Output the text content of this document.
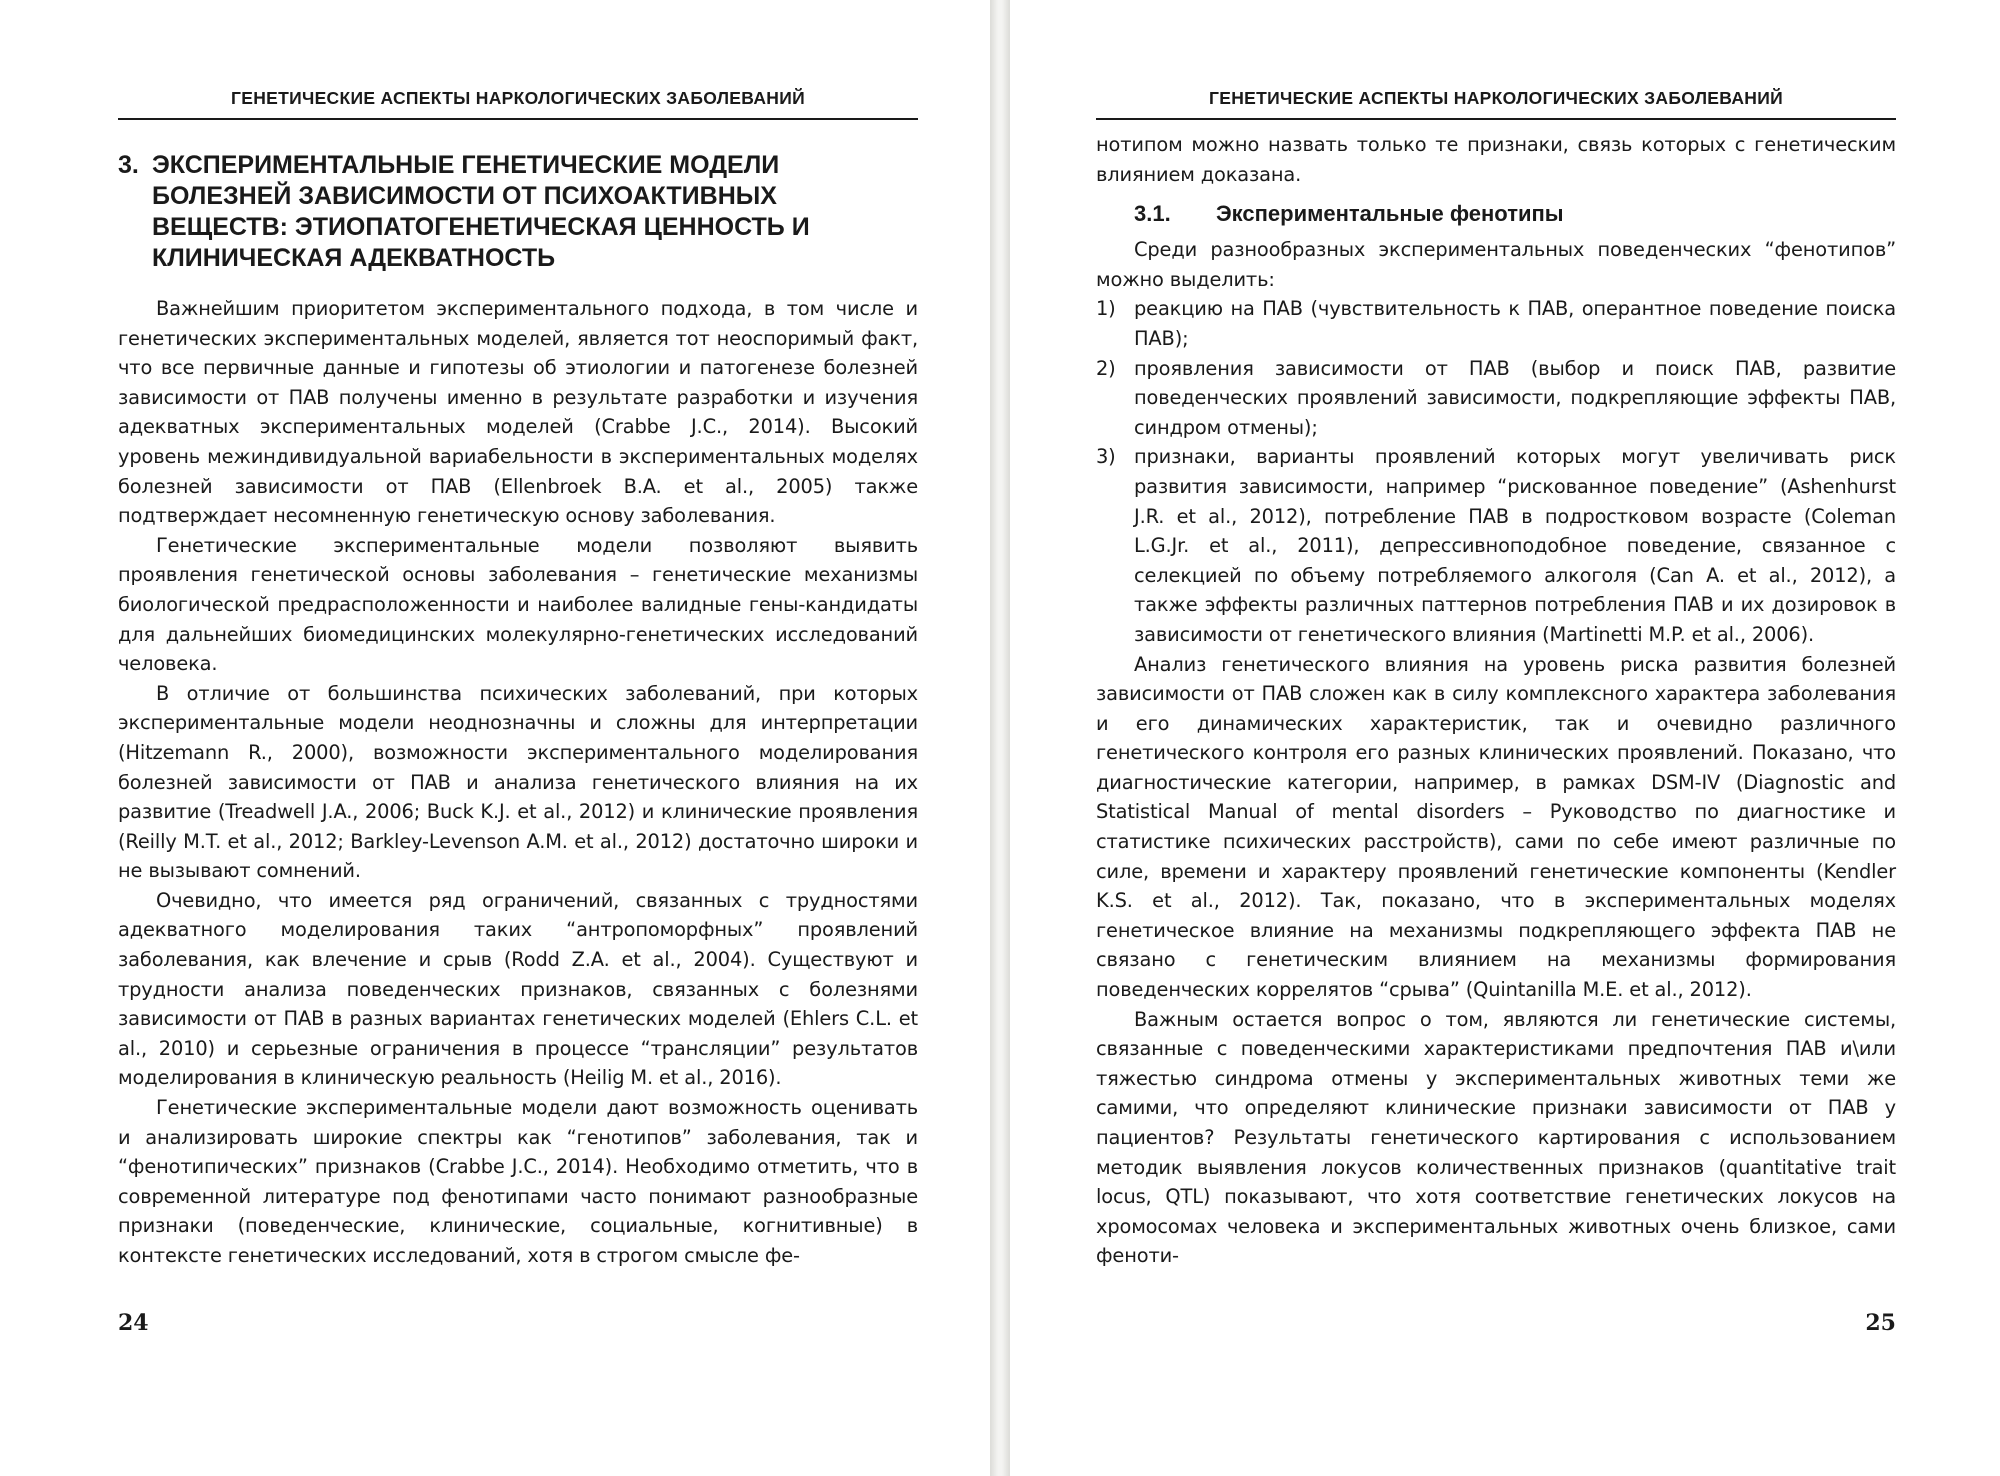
ГЕНЕТИЧЕСКИЕ АСПЕКТЫ НАРКОЛОГИЧЕСКИХ ЗАБОЛЕВАНИЙ
3. ЭКСПЕРИМЕНТАЛЬНЫЕ ГЕНЕТИЧЕСКИЕ МОДЕЛИ БОЛЕЗНЕЙ ЗАВИСИМОСТИ ОТ ПСИХОАКТИВНЫХ ВЕЩЕСТВ: ЭТИОПАТОГЕНЕТИЧЕСКАЯ ЦЕННОСТЬ И КЛИНИЧЕСКАЯ АДЕКВАТНОСТЬ

Важнейшим приоритетом экспериментального подхода, в том числе и генетических экспериментальных моделей, является тот неоспоримый факт, что все первичные данные и гипотезы об этиологии и патогенезе болезней зависимости от ПАВ получены именно в результате разработки и изучения адекватных экспериментальных моделей (Crabbe J.C., 2014). Высокий уровень межиндивидуальной вариабельности в экспериментальных моделях болезней зависимости от ПАВ (Ellenbroek B.A. et al., 2005) также подтверждает несомненную генетическую основу заболевания.

Генетические экспериментальные модели позволяют выявить проявления генетической основы заболевания – генетические механизмы биологической предрасположенности и наиболее валидные гены-кандидаты для дальнейших биомедицинских молекулярно-генетических исследований человека.

В отличие от большинства психических заболеваний, при которых экспериментальные модели неоднозначны и сложны для интерпретации (Hitzemann R., 2000), возможности экспериментального моделирования болезней зависимости от ПАВ и анализа генетического влияния на их развитие (Treadwell J.A., 2006; Buck K.J. et al., 2012) и клинические проявления (Reilly M.T. et al., 2012; Barkley-Levenson A.M. et al., 2012) достаточно широки и не вызывают сомнений.

Очевидно, что имеется ряд ограничений, связанных с трудностями адекватного моделирования таких “антропоморфных” проявлений заболевания, как влечение и срыв (Rodd Z.A. et al., 2004). Существуют и трудности анализа поведенческих признаков, связанных с болезнями зависимости от ПАВ в разных вариантах генетических моделей (Ehlers C.L. et al., 2010) и серьезные ограничения в процессе “трансляции” результатов моделирования в клиническую реальность (Heilig M. et al., 2016).

Генетические экспериментальные модели дают возможность оценивать и анализировать широкие спектры как “генотипов” заболевания, так и “фенотипических” признаков (Crabbe J.C., 2014). Необходимо отметить, что в современной литературе под фенотипами часто понимают разнообразные признаки (поведенческие, клинические, социальные, когнитивные) в контексте генетических исследований, хотя в строгом смысле фе-

24
ГЕНЕТИЧЕСКИЕ АСПЕКТЫ НАРКОЛОГИЧЕСКИХ ЗАБОЛЕВАНИЙ

нотипом можно назвать только те признаки, связь которых с генетическим влиянием доказана.

3.1.	Экспериментальные фенотипы

Среди разнообразных экспериментальных поведенческих “фенотипов” можно выделить:

1) реакцию на ПАВ (чувствительность к ПАВ, оперантное поведение поиска ПАВ);
2) проявления зависимости от ПАВ (выбор и поиск ПАВ, развитие поведенческих проявлений зависимости, подкрепляющие эффекты ПАВ, синдром отмены);
3) признаки, варианты проявлений которых могут увеличивать риск развития зависимости, например “рискованное поведение” (Ashenhurst J.R. et al., 2012), потребление ПАВ в подростковом возрасте (Coleman L.G.Jr. et al., 2011), депрессивноподобное поведение, связанное с селекцией по объему потребляемого алкоголя (Can A. et al., 2012), а также эффекты различных паттернов потребления ПАВ и их дозировок в зависимости от генетического влияния (Martinetti M.P. et al., 2006).

Анализ генетического влияния на уровень риска развития болезней зависимости от ПАВ сложен как в силу комплексного характера заболевания и его динамических характеристик, так и очевидно различного генетического контроля его разных клинических проявлений. Показано, что диагностические категории, например, в рамках DSM-IV (Diagnostic and Statistical Manual of mental disorders – Руководство по диагностике и статистике психических расстройств), сами по себе имеют различные по силе, времени и характеру проявлений генетические компоненты (Kendler K.S. et al., 2012). Так, показано, что в экспериментальных моделях генетическое влияние на механизмы подкрепляющего эффекта ПАВ не связано с генетическим влиянием на механизмы формирования поведенческих коррелятов “срыва” (Quintanilla M.E. et al., 2012).

Важным остается вопрос о том, являются ли генетические системы, связанные с поведенческими характеристиками предпочтения ПАВ и\или тяжестью синдрома отмены у экспериментальных животных теми же самими, что определяют клинические признаки зависимости от ПАВ у пациентов? Результаты генетического картирования с использованием методик выявления локусов количественных признаков (quantitative trait locus, QTL) показывают, что хотя соответствие генетических локусов на хромосомах человека и экспериментальных животных очень близкое, сами феноти-

25
